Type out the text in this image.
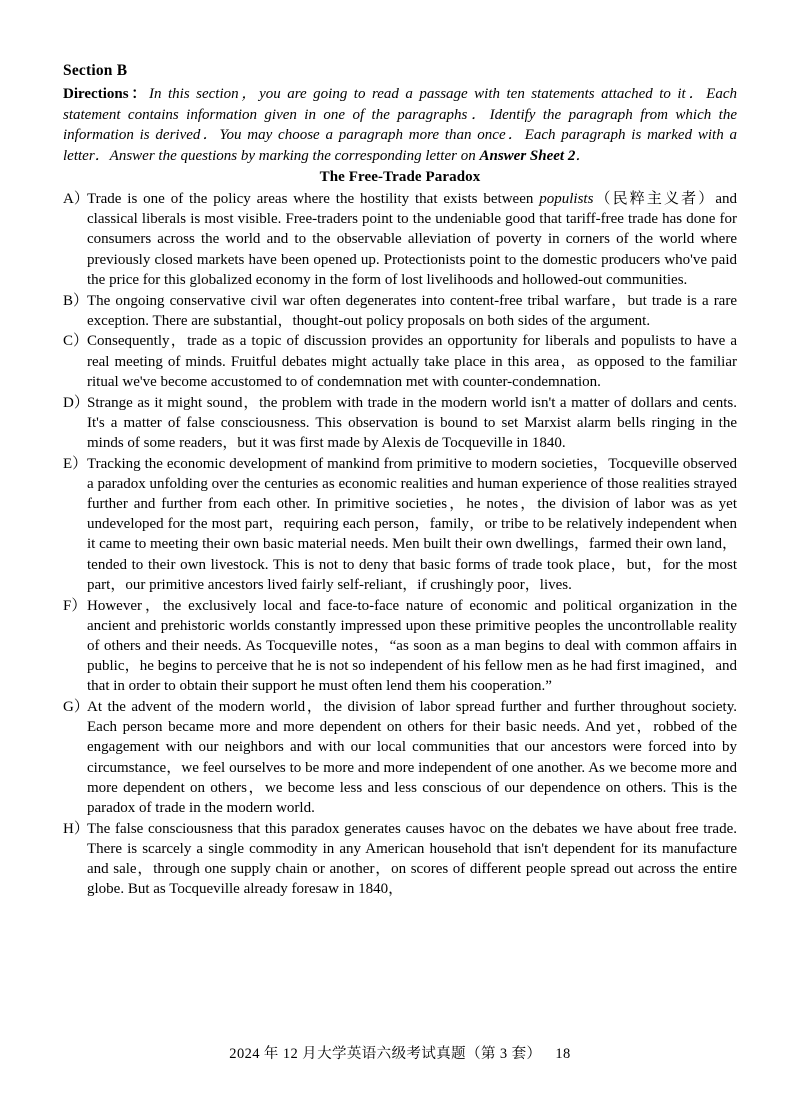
Section B

Directions：In this section，you are going to read a passage with ten statements attached to it．Each statement contains information given in one of the paragraphs．Identify the paragraph from which the information is derived．You may choose a paragraph more than once．Each paragraph is marked with a letter．Answer the questions by marking the corresponding letter on Answer Sheet 2．

The Free-Trade Paradox
A）
Trade is one of the policy areas where the hostility that exists between populists（民粹主义者）and classical liberals is most visible. Free-traders point to the undeniable good that tariff-free trade has done for consumers across the world and to the observable alleviation of poverty in corners of the world where previously closed markets have been opened up. Protectionists point to the domestic producers who've paid the price for this globalized economy in the form of lost livelihoods and hollowed-out communities.
B）
The ongoing conservative civil war often degenerates into content-free tribal warfare，but trade is a rare exception. There are substantial，thought-out policy proposals on both sides of the argument.
C）
Consequently，trade as a topic of discussion provides an opportunity for liberals and populists to have a real meeting of minds. Fruitful debates might actually take place in this area，as opposed to the familiar ritual we've become accustomed to of condemnation met with counter-condemnation.
D）
Strange as it might sound，the problem with trade in the modern world isn't a matter of dollars and cents. It's a matter of false consciousness. This observation is bound to set Marxist alarm bells ringing in the minds of some readers，but it was first made by Alexis de Tocqueville in 1840.
E） Tracking the economic development of mankind from primitive to modern societies，Tocqueville observed a paradox unfolding over the centuries as economic realities and human experience of those realities strayed further and further from each other. In primitive societies，he notes，the division of labor was as yet undeveloped for the most part，requiring each person，family，or tribe to be relatively independent when it came to meeting their own basic material needs. Men built their own dwellings，farmed their own land，tended to their own livestock. This is not to deny that basic forms of trade took place，but，for the most part，our primitive ancestors lived fairly self-reliant，if crushingly poor，lives.
F） However，the exclusively local and face-to-face nature of economic and political organization in the ancient and prehistoric worlds constantly impressed upon these primitive peoples the uncontrollable reality of others and their needs. As Tocqueville notes，“as soon as a man begins to deal with common affairs in public，he begins to perceive that he is not so independent of his fellow men as he had first imagined，and that in order to obtain their support he must often lend them his cooperation.”
G）
At the advent of the modern world，the division of labor spread further and further throughout society. Each person became more and more dependent on others for their basic needs. And yet，robbed of the engagement with our neighbors and with our local communities that our ancestors were forced into by circumstance，we feel ourselves to be more and more independent of one another. As we become more and more dependent on others，we become less and less conscious of our dependence on others. This is the paradox of trade in the modern world.
H）
The false consciousness that this paradox generates causes havoc on the debates we have about free trade. There is scarcely a single commodity in any American household that isn't dependent for its manufacture and sale，through one supply chain or another，on scores of different people spread out across the entire globe. But as Tocqueville already foresaw in 1840，
2024 年 12 月大学英语六级考试真题（第 3 套） 18
